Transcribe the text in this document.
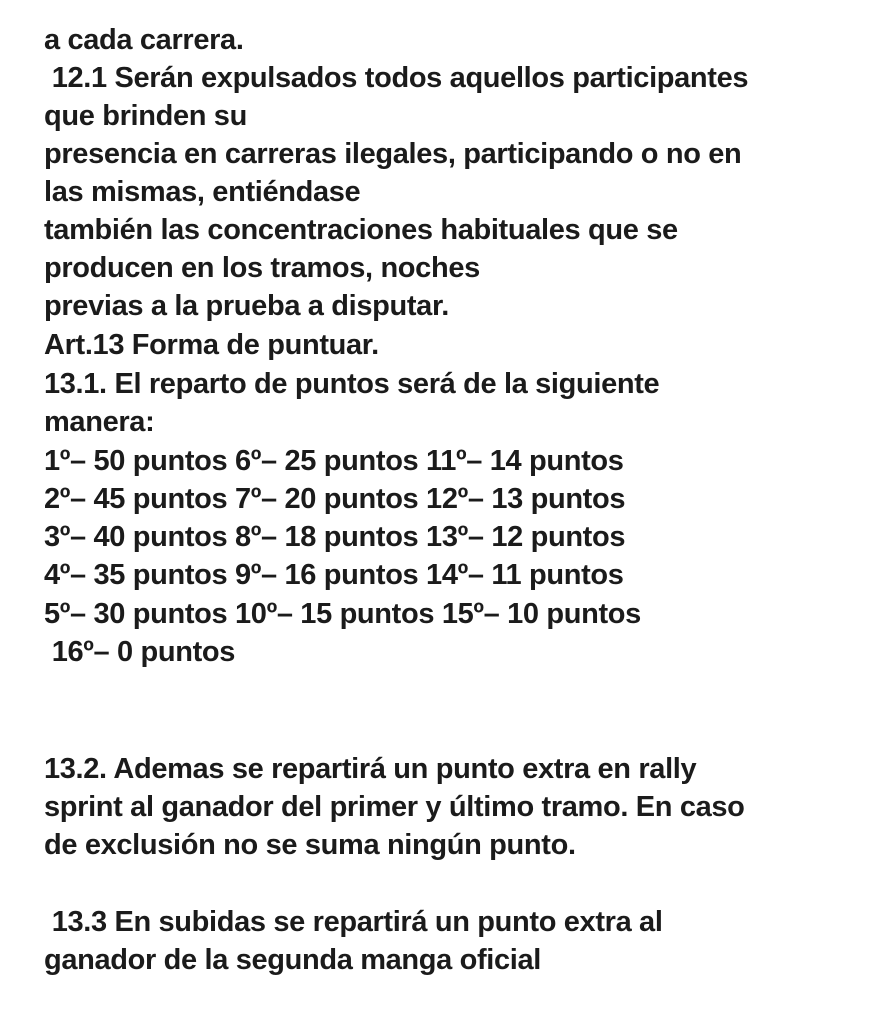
a cada carrera.
12.1 Serán expulsados todos aquellos participantes
que brinden su
presencia en carreras ilegales, participando o no en
las mismas, entiéndase
también las concentraciones habituales que se
producen en los tramos, noches
previas a la prueba a disputar.
Art.13 Forma de puntuar.
13.1. El reparto de puntos será de la siguiente
manera:
1º– 50 puntos 6º– 25 puntos 11º– 14 puntos
2º– 45 puntos 7º– 20 puntos 12º– 13 puntos
3º– 40 puntos 8º– 18 puntos 13º– 12 puntos
4º– 35 puntos 9º– 16 puntos 14º– 11 puntos
5º– 30 puntos 10º– 15 puntos 15º– 10 puntos
16º– 0 puntos
13.2. Ademas se repartirá un punto extra en rally
sprint al ganador del primer y último tramo. En caso
de exclusión no se suma ningún punto.
13.3 En subidas se repartirá un punto extra al
ganador de la segunda manga oficial
